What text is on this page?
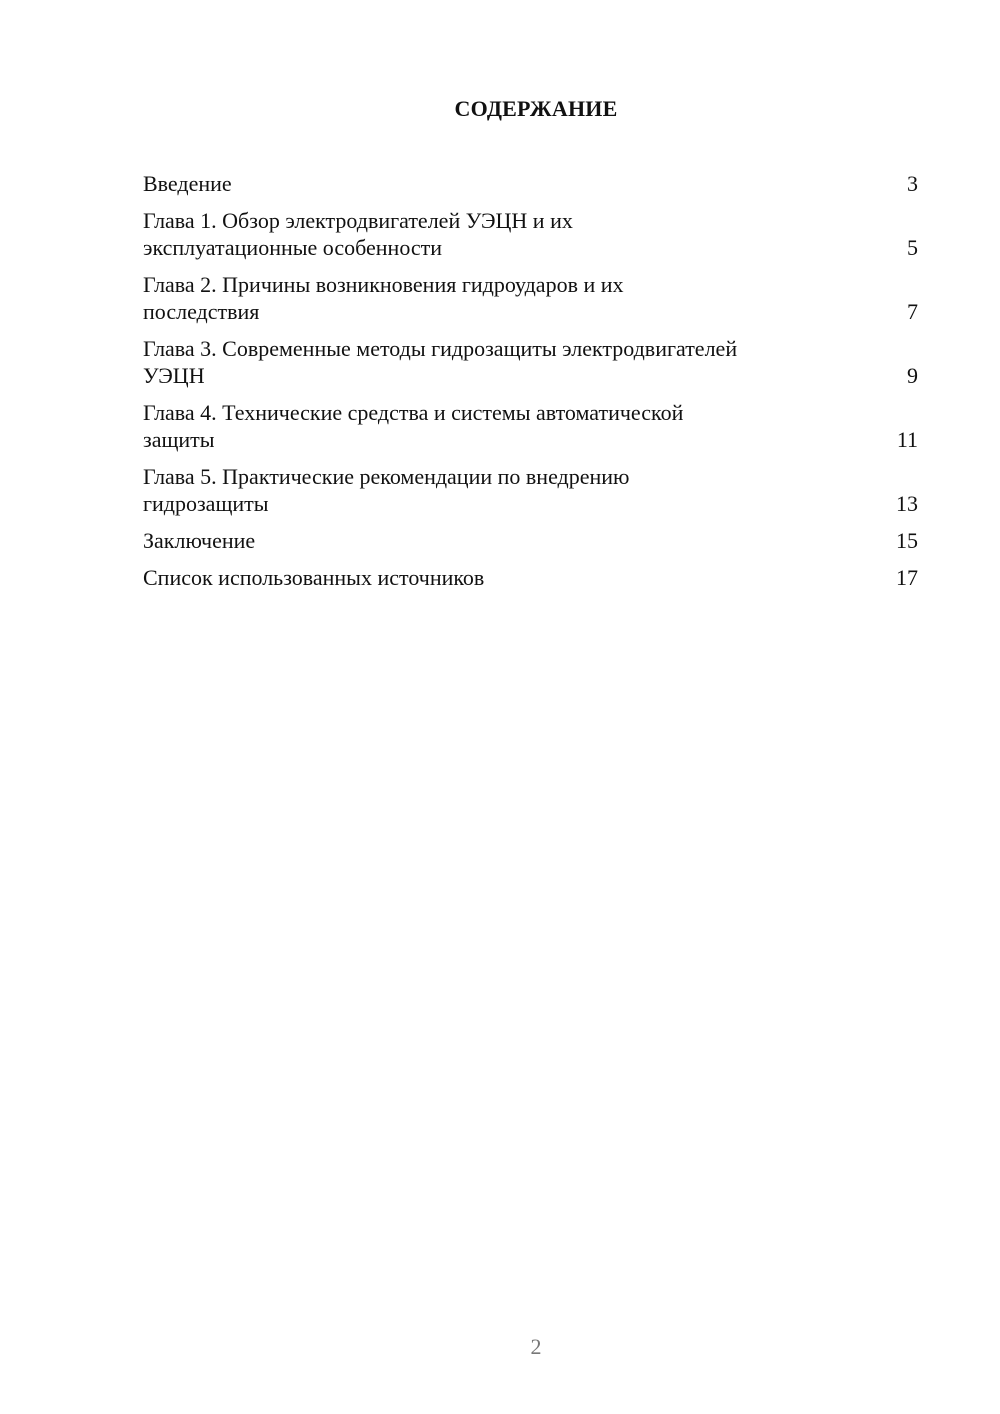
СОДЕРЖАНИЕ
Введение	3
Глава 1. Обзор электродвигателей УЭЦН и их
эксплуатационные особенности	5
Глава 2. Причины возникновения гидроударов и их
последствия	7
Глава 3. Современные методы гидрозащиты электродвигателей
УЭЦН	9
Глава 4. Технические средства и системы автоматической
защиты	11
Глава 5. Практические рекомендации по внедрению
гидрозащиты	13
Заключение	15
Список использованных источников	17
2
